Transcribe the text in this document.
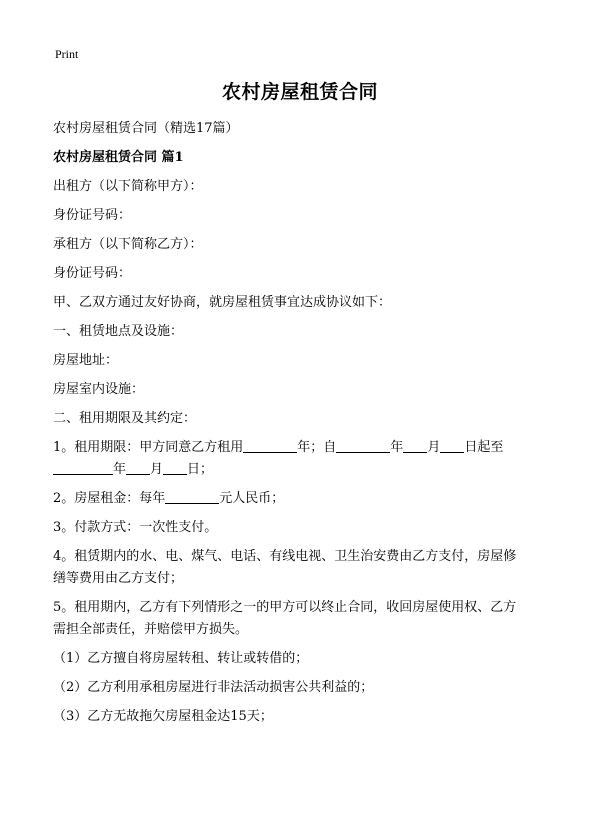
Print
农村房屋租赁合同
农村房屋租赁合同（精选17篇）
农村房屋租赁合同 篇1
出租方（以下简称甲方）：
身份证号码：
承租方（以下简称乙方）：
身份证号码：
甲、乙双方通过友好协商，就房屋租赁事宜达成协议如下：
一、租赁地点及设施：
房屋地址：
房屋室内设施：
二、租用期限及其约定：
1。租用期限：甲方同意乙方租用	年；自	年 月 日起至
年 月 日；
2。房屋租金：每年	元人民币；
3。付款方式：一次性支付。
4。租赁期内的水、电、煤气、电话、有线电视、卫生治安费由乙方支付，房屋修
缮等费用由乙方支付；
5。租用期内，乙方有下列情形之一的甲方可以终止合同，收回房屋使用权、乙方
需担全部责任，并赔偿甲方损失。
（1）乙方擅自将房屋转租、转让或转借的；
（2）乙方利用承租房屋进行非法活动损害公共利益的；
（3）乙方无故拖欠房屋租金达15天；
